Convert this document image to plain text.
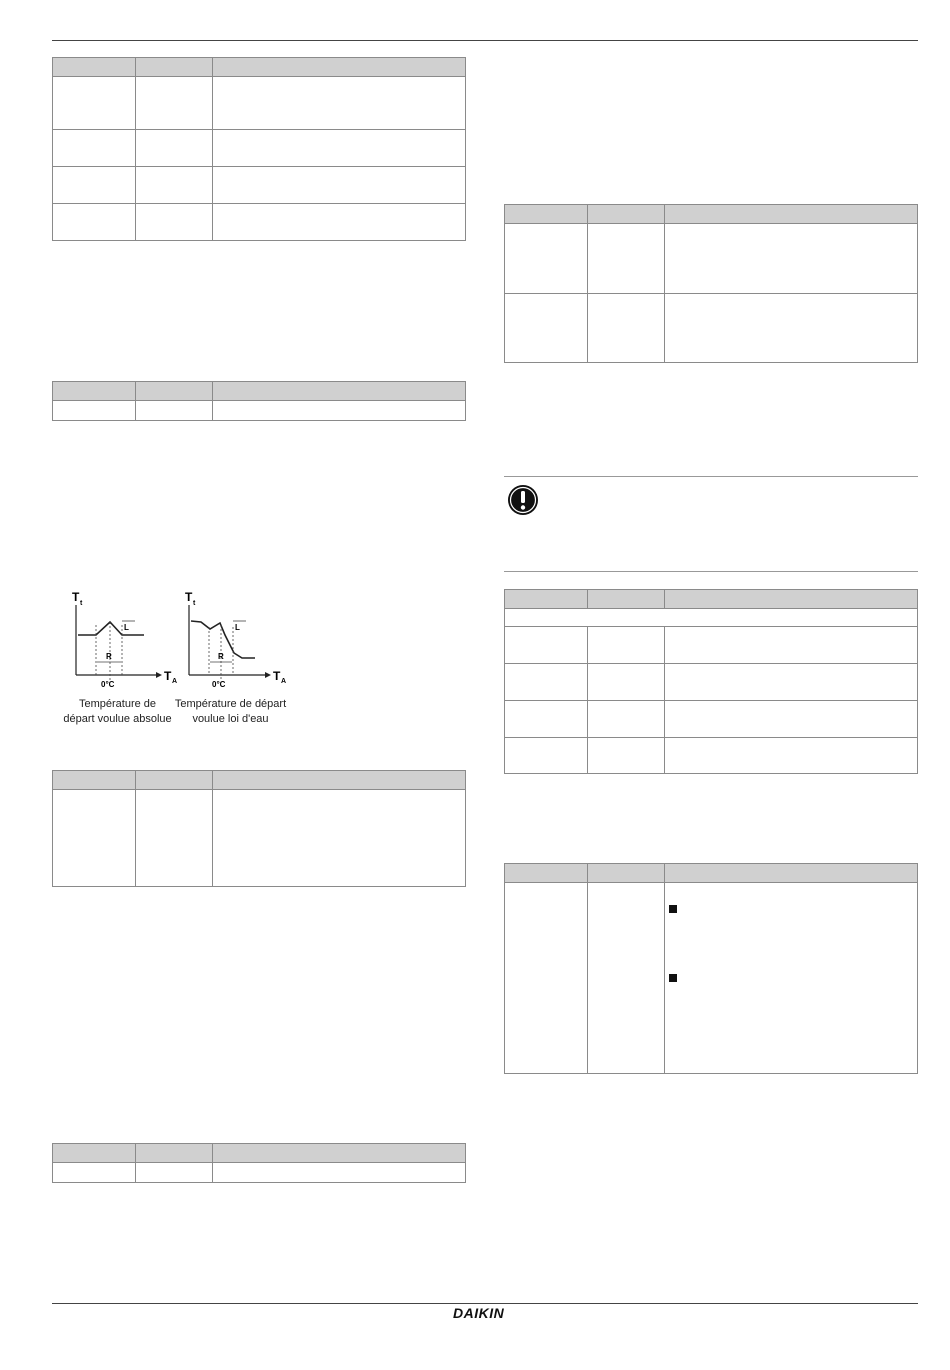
T t
T A
L
R
0°C
T t
T A
L
R
0°C
Température de
départ voulue absolue
Température de départ
voulue loi d'eau

DAIKIN
